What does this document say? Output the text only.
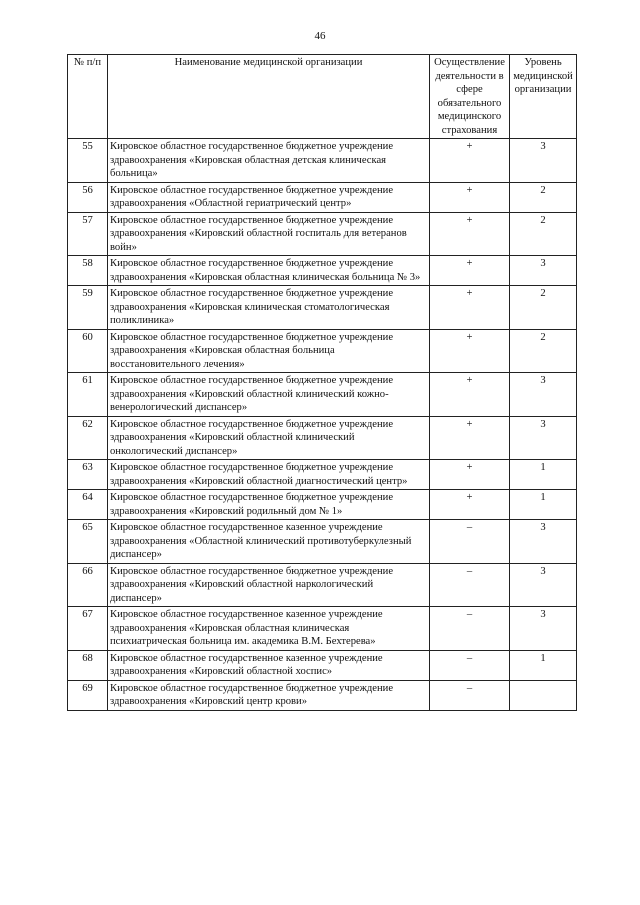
46
№ п/п	Наименование медицинской организации	Осуществление деятельности в сфере обязательного медицинского страхования	Уровень медицинской организации
55	Кировское областное государственное бюджетное учреждение здравоохранения «Кировская областная детская клиническая больница»	+	3
56	Кировское областное государственное бюджетное учреждение здравоохранения «Областной гериатрический центр»	+	2
57	Кировское областное государственное бюджетное учреждение здравоохранения «Кировский областной госпиталь для ветеранов войн»	+	2
58	Кировское областное государственное бюджетное учреждение здравоохранения «Кировская областная клиническая больница № 3»	+	3
59	Кировское областное государственное бюджетное учреждение здравоохранения «Кировская клиническая стоматологическая поликлиника»	+	2
60	Кировское областное государственное бюджетное учреждение здравоохранения «Кировская областная больница восстановительного лечения»	+	2
61	Кировское областное государственное бюджетное учреждение здравоохранения «Кировский областной клинический кожно-венерологический диспансер»	+	3
62	Кировское областное государственное бюджетное учреждение здравоохранения «Кировский областной клинический онкологический диспансер»	+	3
63	Кировское областное государственное бюджетное учреждение здравоохранения «Кировский областной диагностический центр»	+	1
64	Кировское областное государственное бюджетное учреждение здравоохранения «Кировский родильный дом № 1»	+	1
65	Кировское областное государственное казенное учреждение здравоохранения «Областной клинический противотуберкулезный диспансер»	–	3
66	Кировское областное государственное бюджетное учреждение здравоохранения «Кировский областной наркологический диспансер»	–	3
67	Кировское областное государственное казенное учреждение здравоохранения «Кировская областная клиническая психиатрическая больница им. академика В.М. Бехтерева»	–	3
68	Кировское областное государственное казенное учреждение здравоохранения «Кировский областной хоспис»	–	1
69	Кировское областное государственное бюджетное учреждение здравоохранения «Кировский центр крови»	–	
